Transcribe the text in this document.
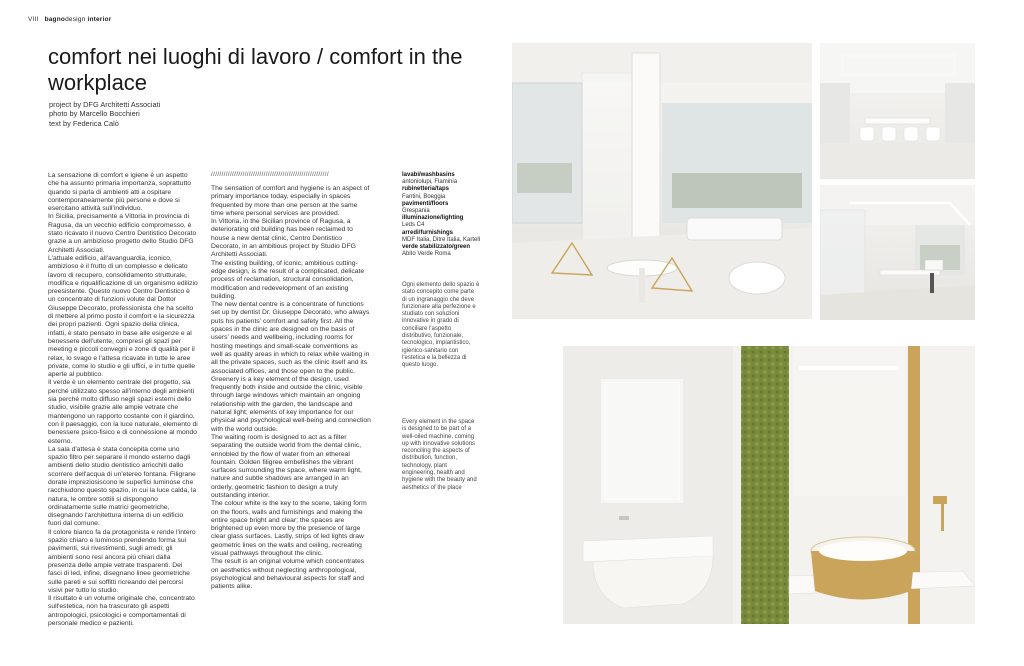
VIII bagnodesign interior
comfort nei luoghi di lavoro / comfort in the workplace
project by DFG Architetti Associati
photo by Marcello Bocchieri
text by Federica Calò

La sensazione di comfort e igiene è un aspetto che ha assunto primaria importanza, soprattutto quando si parla di ambienti atti a ospitare contemporaneamente più persone e dove si esercitano attività sull'individuo.

In Sicilia, precisamente a Vittoria in provincia di Ragusa, da un vecchio edificio compromesso, è stato ricavato il nuovo Centro Dentistico Decorato grazie a un ambizioso progetto dello Studio DFG Architetti Associati.

L'attuale edificio, all'avanguardia, iconico, ambizioso è il frutto di un complesso e delicato lavoro di recupero, consolidamento strutturale, modifica e riqualificazione di un organismo edilizio preesistente. Questo nuovo Centro Dentistico è un concentrato di funzioni volute dal Dottor Giuseppe Decorato, professionista che ha scelto di mettere al primo posto il comfort e la sicurezza dei propri pazienti. Ogni spazio della clinica, infatti, è stato pensato in base alle esigenze e al benessere dell'utente, compresi gli spazi per meeting e piccoli convegni e zone di qualità per il relax, lo svago e l'attesa ricavate in tutte le aree private, come lo studio e gli uffici, e in tutte quelle aperte al pubblico.

Il verde è un elemento centrale del progetto, sia perché utilizzato spesso all'interno degli ambienti sia perché molto diffuso negli spazi esterni dello studio, visibile grazie alle ampie vetrate che mantengono un rapporto costante con il giardino, con il paesaggio, con la luce naturale, elemento di benessere psico-fisico e di connessione al mondo esterno.

La sala d'attesa è stata concepita come uno spazio filtro per separare il mondo esterno dagli ambienti dello studio dentistico arricchiti dallo scorrere dell'acqua di un'etereo fontana. Filigrane dorate impreziosiscono le superfici luminose che racchiudono questo spazio, in cui la luce calda, la natura, le ombre sottili si dispongono ordinatamente sulle matrici geometriche, disegnando l'architettura interna di un edificio fuori dal comune.

Il colore bianco fa da protagonista e rende l'intero spazio chiaro e luminoso prendendo forma sui pavimenti, sui rivestimenti, sugli arredi; gli ambienti sono resi ancora più chiari dalla presenza delle ampie vetrate trasparenti. Dei fasci di led, infine, disegnano linee geometriche sulle pareti e sui soffitti ricreando dei percorsi visivi per tutto lo studio.

Il risultato è un volume originale che, concentrato sull'estetica, non ha trascurato gli aspetti antropologici, psicologici e comportamentali di personale medico e pazienti.

////////////////////////////////////////////////////////

The sensation of comfort and hygiene is an aspect of primary importance today, especially in spaces frequented by more than one person at the same time where personal services are provided.

In Vittoria, in the Sicilian province of Ragusa, a deteriorating old building has been reclaimed to house a new dental clinic, Centro Dentistico Decorato, in an ambitious project by Studio DFG Architetti Associati.

The existing building, of iconic, ambitious cutting-edge design, is the result of a complicated, delicate process of reclamation, structural consolidation, modification and redevelopment of an existing building.

The new dental centre is a concentrate of functions set up by dentist Dr. Giuseppe Decorato, who always puts his patients' comfort and safety first. All the spaces in the clinic are designed on the basis of users' needs and wellbeing, including rooms for hosting meetings and small-scale conventions as well as quality areas in which to relax while waiting in all the private spaces, such as the clinic itself and its associated offices, and those open to the public.

Greenery is a key element of the design, used frequently both inside and outside the clinic, visible through large windows which maintain an ongoing relationship with the garden, the landscape and natural light; elements of key importance for our physical and psychological well-being and connection with the world outside.

The waiting room is designed to act as a filter separating the outside world from the dental clinic, ennobled by the flow of water from an ethereal fountain. Golden filigree embellishes the vibrant surfaces surrounding the space, where warm light, nature and subtle shadows are arranged in an orderly, geometric fashion to design a truly outstanding interior.

The colour white is the key to the scene, taking form on the floors, walls and furnishings and making the entire space bright and clear; the spaces are brightened up even more by the presence of large clear glass surfaces. Lastly, strips of led lights draw geometric lines on the walls and ceiling, recreating visual pathways throughout the clinic.

The result is an original volume which concentrates on aesthetics without neglecting anthropological, psychological and behavioural aspects for staff and patients alike.

lavabi/washbasins
antoniolupi, Flaminia
rubinetteria/taps
Fantini, Boeggia
pavimenti/floors
Grespania
illuminazione/lighting
Leds C4
arredi/furnishings
MDF Italia, Ditre Italia, Kartell
verde stabilizzato/green
Abito Verde Roma
Ogni elemento dello spazio è stato concepito come parte di un ingranaggio che deve funzionare alla perfezione e studiato con soluzioni innovative in grado di conciliare l'aspetto distributivo, funzionale, tecnologico, impiantistico, igienico-sanitario con l'estetica e la bellezza di questo luogo.
Every element in the space is designed to be part of a well-oiled machine, coming up with innovative solutions reconciling the aspects of distribution, function, technology, plant engineering, health and hygiene with the beauty and aesthetics of the place
